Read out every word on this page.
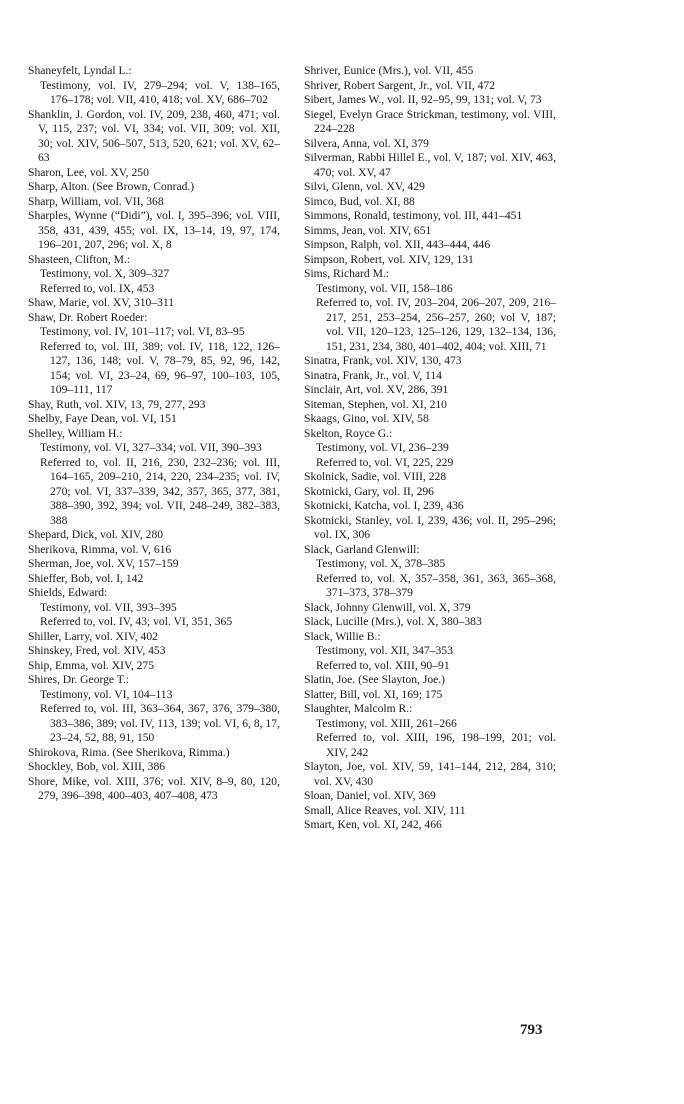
Shaneyfelt, Lyndal L.:

Testimony, vol. IV, 279–294; vol. V, 138–165, 176–178; vol. VII, 410, 418; vol. XV, 686–702

Shanklin, J. Gordon, vol. IV, 209, 238, 460, 471; vol. V, 115, 237; vol. VI, 334; vol. VII, 309; vol. XII, 30; vol. XIV, 506–507, 513, 520, 621; vol. XV, 62–63

Sharon, Lee, vol. XV, 250

Sharp, Alton. (See Brown, Conrad.)

Sharp, William, vol. VII, 368

Sharples, Wynne (“Didi”), vol. I, 395–396; vol. VIII, 358, 431, 439, 455; vol. IX, 13–14, 19, 97, 174, 196–201, 207, 296; vol. X, 8

Shasteen, Clifton, M.:

Testimony, vol. X, 309–327

Referred to, vol. IX, 453

Shaw, Marie, vol. XV, 310–311

Shaw, Dr. Robert Roeder:

Testimony, vol. IV, 101–117; vol. VI, 83–95

Referred to, vol. III, 389; vol. IV, 118, 122, 126–127, 136, 148; vol. V, 78–79, 85, 92, 96, 142, 154; vol. VI, 23–24, 69, 96–97, 100–103, 105, 109–111, 117

Shay, Ruth, vol. XIV, 13, 79, 277, 293

Shelby, Faye Dean, vol. VI, 151

Shelley, William H.:

Testimony, vol. VI, 327–334; vol. VII, 390–393

Referred to, vol. II, 216, 230, 232–236; vol. III, 164–165, 209–210, 214, 220, 234–235; vol. IV, 270; vol. VI, 337–339, 342, 357, 365, 377, 381, 388–390, 392, 394; vol. VII, 248–249, 382–383, 388

Shepard, Dick, vol. XIV, 280

Sherikova, Rimma, vol. V, 616

Sherman, Joe, vol. XV, 157–159

Shieffer, Bob, vol. I, 142

Shields, Edward:

Testimony, vol. VII, 393–395

Referred to, vol. IV, 43; vol. VI, 351, 365

Shiller, Larry, vol. XIV, 402

Shinskey, Fred, vol. XIV, 453

Ship, Emma, vol. XIV, 275

Shires, Dr. George T.:

Testimony, vol. VI, 104–113

Referred to, vol. III, 363–364, 367, 376, 379–380, 383–386, 389; vol. IV, 113, 139; vol. VI, 6, 8, 17, 23–24, 52, 88, 91, 150

Shirokova, Rima. (See Sherikova, Rimma.)

Shockley, Bob, vol. XIII, 386

Shore, Mike, vol. XIII, 376; vol. XIV, 8–9, 80, 120, 279, 396–398, 400–403, 407–408, 473

Shriver, Eunice (Mrs.), vol. VII, 455

Shriver, Robert Sargent, Jr., vol. VII, 472

Sibert, James W., vol. II, 92–95, 99, 131; vol. V, 73

Siegel, Evelyn Grace Strickman, testimony, vol. VIII, 224–228

Silvera, Anna, vol. XI, 379

Silverman, Rabbi Hillel E., vol. V, 187; vol. XIV, 463, 470; vol. XV, 47

Silvi, Glenn, vol. XV, 429

Simco, Bud, vol. XI, 88

Simmons, Ronald, testimony, vol. III, 441–451

Simms, Jean, vol. XIV, 651

Simpson, Ralph, vol. XII, 443–444, 446

Simpson, Robert, vol. XIV, 129, 131

Sims, Richard M.:

Testimony, vol. VII, 158–186

Referred to, vol. IV, 203–204, 206–207, 209, 216–217, 251, 253–254, 256–257, 260; vol V, 187; vol. VII, 120–123, 125–126, 129, 132–134, 136, 151, 231, 234, 380, 401–402, 404; vol. XIII, 71

Sinatra, Frank, vol. XIV, 130, 473

Sinatra, Frank, Jr., vol. V, 114

Sinclair, Art, vol. XV, 286, 391

Siteman, Stephen, vol. XI, 210

Skaags, Gino, vol. XIV, 58

Skelton, Royce G.:

Testimony, vol. VI, 236–239

Referred to, vol. VI, 225, 229

Skolnick, Sadie, vol. VIII, 228

Skotnicki, Gary, vol. II, 296

Skotnicki, Katcha, vol. I, 239, 436

Skotnicki, Stanley, vol. I, 239, 436; vol. II, 295–296; vol. IX, 306

Slack, Garland Glenwill:

Testimony, vol. X, 378–385

Referred to, vol. X, 357–358, 361, 363, 365–368, 371–373, 378–379

Slack, Johnny Glenwill, vol. X, 379

Slack, Lucille (Mrs.), vol. X, 380–383

Slack, Willie B.:

Testimony, vol. XII, 347–353

Referred to, vol. XIII, 90–91

Slatin, Joe. (See Slayton, Joe.)

Slatter, Bill, vol. XI, 169; 175

Slaughter, Malcolm R.:

Testimony, vol. XIII, 261–266

Referred to, vol. XIII, 196, 198–199, 201; vol. XIV, 242

Slayton, Joe, vol. XIV, 59, 141–144, 212, 284, 310; vol. XV, 430

Sloan, Daniel, vol. XIV, 369

Small, Alice Reaves, vol. XIV, 111

Smart, Ken, vol. XI, 242, 466

793
